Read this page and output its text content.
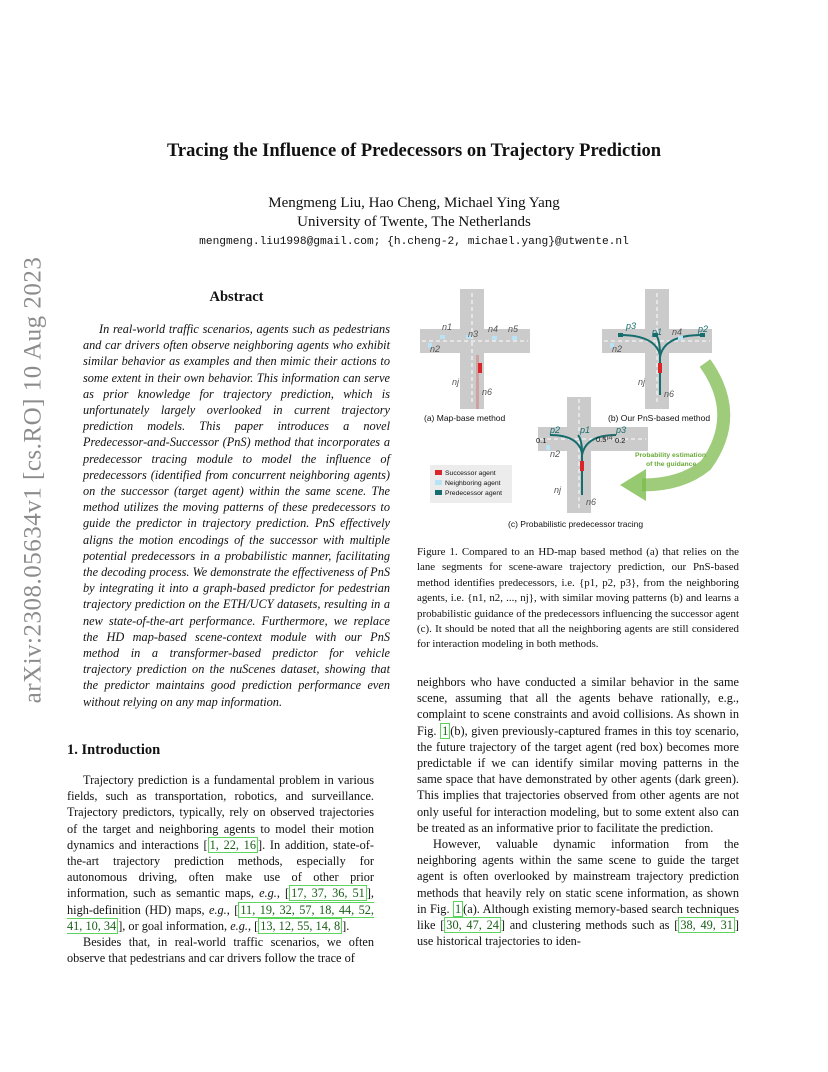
arXiv:2308.05634v1 [cs.RO] 10 Aug 2023
Tracing the Influence of Predecessors on Trajectory Prediction
Mengmeng Liu, Hao Cheng, Michael Ying Yang
University of Twente, The Netherlands
mengmeng.liu1998@gmail.com; {h.cheng-2, michael.yang}@utwente.nl
Abstract

In real-world traffic scenarios, agents such as pedestrians and car drivers often observe neighboring agents who exhibit similar behavior as examples and then mimic their actions to some extent in their own behavior. This information can serve as prior knowledge for trajectory prediction, which is unfortunately largely overlooked in current trajectory prediction models. This paper introduces a novel Predecessor-and-Successor (PnS) method that incorporates a predecessor tracing module to model the influence of predecessors (identified from concurrent neighboring agents) on the successor (target agent) within the same scene. The method utilizes the moving patterns of these predecessors to guide the predictor in trajectory prediction. PnS effectively aligns the motion encodings of the successor with multiple potential predecessors in a probabilistic manner, facilitating the decoding process. We demonstrate the effectiveness of PnS by integrating it into a graph-based predictor for pedestrian trajectory prediction on the ETH/UCY datasets, resulting in a new state-of-the-art performance. Furthermore, we replace the HD map-based scene-context module with our PnS method in a transformer-based predictor for vehicle trajectory prediction on the nuScenes dataset, showing that the predictor maintains good prediction performance even without relying on any map information.

1. Introduction

Trajectory prediction is a fundamental problem in various fields, such as transportation, robotics, and surveillance. Trajectory predictors, typically, rely on observed trajectories of the target and neighboring agents to model their motion dynamics and interactions [ 1, 22, 16 ]. In addition, state-of-the-art trajectory prediction methods, especially for autonomous driving, often make use of other prior information, such as semantic maps, e.g., [ 17, 37, 36, 51 ], high-definition (HD) maps, e.g., [ 11, 19, 32, 57, 18, 44, 52, 41, 10, 34 ], or goal information, e.g., [ 13, 12, 55, 14, 8 ].

Besides that, in real-world traffic scenarios, we often observe that pedestrians and car drivers follow the trace of

n1
n2
n3 n4 n5
n6
nj
(a) Map-base method
p3
p1	p2
n4
n2
nj
n6
(b) Our PnS-based method
Probability estimation
of the guidance
p2 p1	p3
0.1	0.5 0.2
n4
n2
nj
n6
Successor agent
Neighboring agent
Predecessor agent
(c) Probabilistic predecessor tracing
Figure 1. Compared to an HD-map based method (a) that relies on the lane segments for scene-aware trajectory prediction, our PnS-based method identifies predecessors, i.e. {p1, p2, p3}, from the neighboring agents, i.e. {n1, n2, ..., nj}, with similar moving patterns (b) and learns a probabilistic guidance of the predecessors influencing the successor agent (c). It should be noted that all the neighboring agents are still considered for interaction modeling in both methods.

neighbors who have conducted a similar behavior in the same scene, assuming that all the agents behave rationally, e.g., complaint to scene constraints and avoid collisions. As shown in Fig. 1 (b), given previously-captured frames in this toy scenario, the future trajectory of the target agent (red box) becomes more predictable if we can identify similar moving patterns in the same space that have demonstrated by other agents (dark green). This implies that trajectories observed from other agents are not only useful for interaction modeling, but to some extent also can be treated as an informative prior to facilitate the prediction.

However, valuable dynamic information from the neighboring agents within the same scene to guide the target agent is often overlooked by mainstream trajectory prediction methods that heavily rely on static scene information, as shown in Fig. 1 (a). Although existing memory-based search techniques like [ 30, 47, 24 ] and clustering methods such as [ 38, 49, 31 ] use historical trajectories to iden-
